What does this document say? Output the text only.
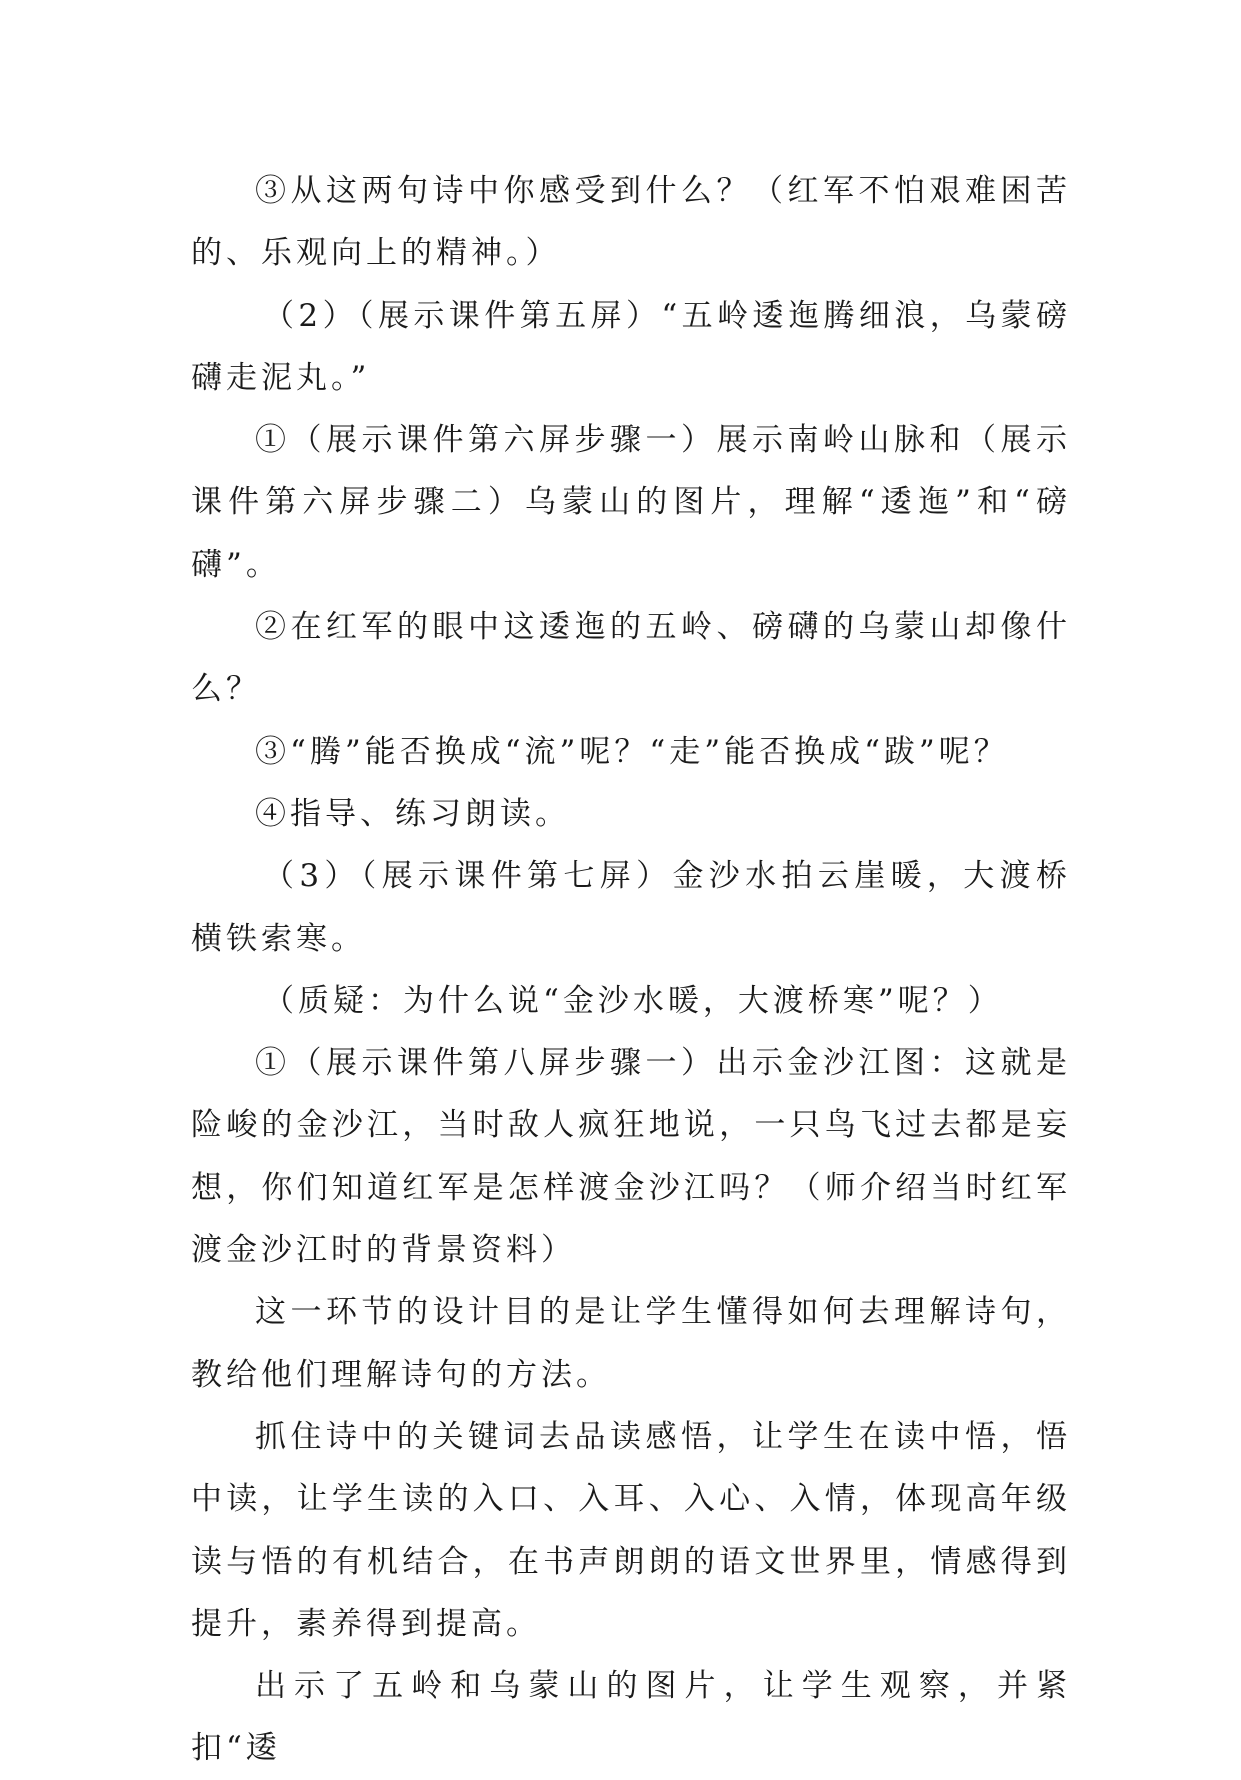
③从这两句诗中你感受到什么？（红军不怕艰难困苦的、乐观向上的精神。）

（2）（展示课件第五屏）“五岭逶迤腾细浪，乌蒙磅礴走泥丸。”

①（展示课件第六屏步骤一）展示南岭山脉和（展示课件第六屏步骤二）乌蒙山的图片，理解“逶迤”和“磅礴”。

②在红军的眼中这逶迤的五岭、磅礴的乌蒙山却像什么？

③“腾”能否换成“流”呢？“走”能否换成“跋”呢？

④指导、练习朗读。

（3）（展示课件第七屏）金沙水拍云崖暖，大渡桥横铁索寒。

（质疑：为什么说“金沙水暖，大渡桥寒”呢？）

①（展示课件第八屏步骤一）出示金沙江图：这就是险峻的金沙江，当时敌人疯狂地说，一只鸟飞过去都是妄想，你们知道红军是怎样渡金沙江吗？（师介绍当时红军渡金沙江时的背景资料）

这一环节的设计目的是让学生懂得如何去理解诗句，教给他们理解诗句的方法。

抓住诗中的关键词去品读感悟，让学生在读中悟，悟中读，让学生读的入口、入耳、入心、入情，体现高年级读与悟的有机结合，在书声朗朗的语文世界里，情感得到提升，素养得到提高。

出示了五岭和乌蒙山的图片，让学生观察，并紧扣“逶
